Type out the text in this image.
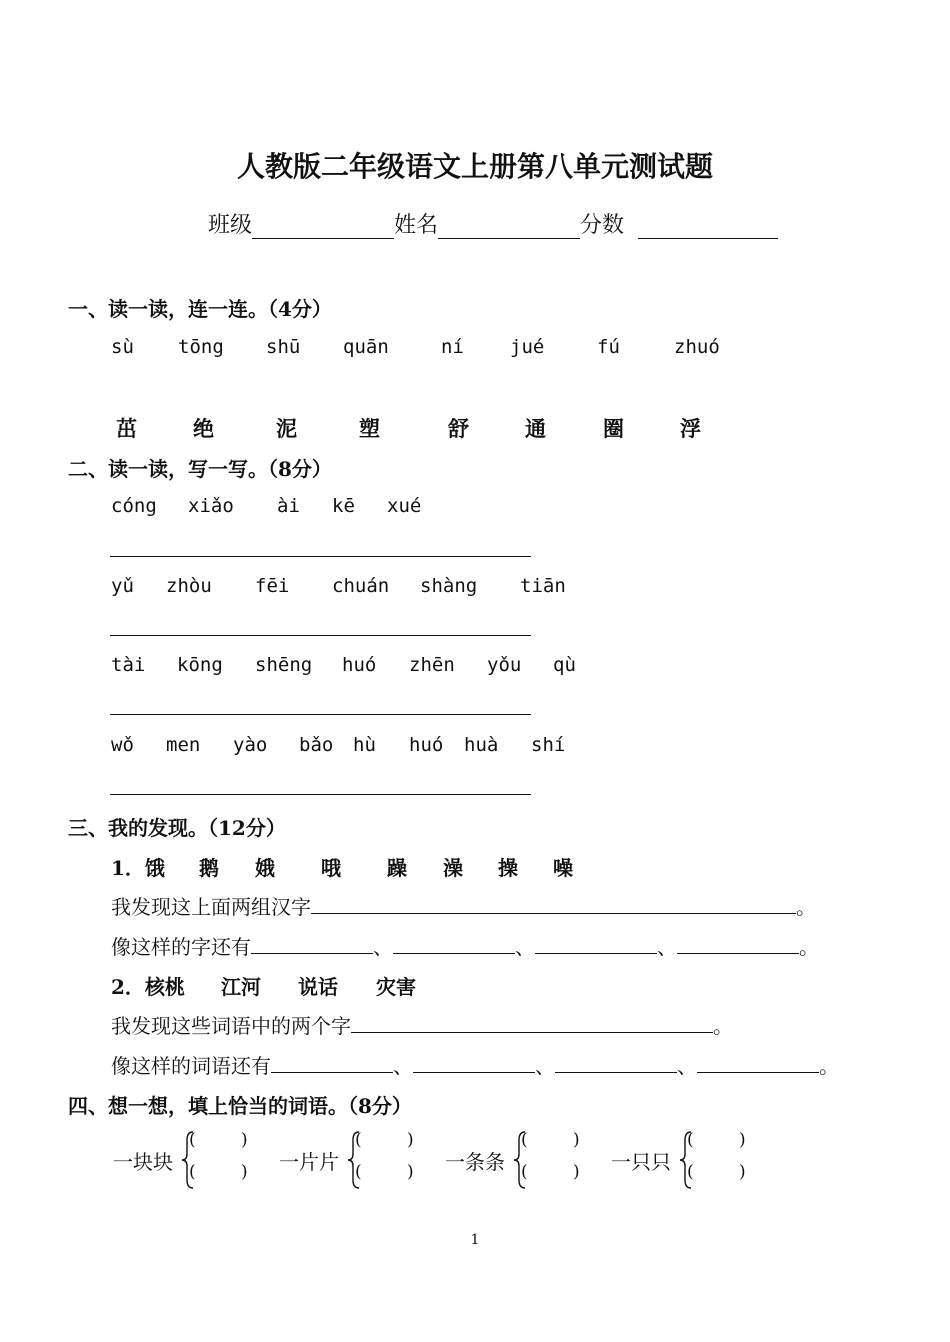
人教版二年级语文上册第八单元测试题
班级	姓名	分数
一、读一读，连一连。（4分）
sù tōng shū quān	ní jué	fú	zhuó
茁	绝	泥	塑	舒	通	圈	浮
二、读一读，写一写。（8分）
cóng xiǎo ài kē xué
yǔ zhòu fēi chuán shàng tiān
tài kōng shēng huó zhēn yǒu qù
wǒ men yào bǎo hù huó huà shí
三、我的发现。（12分）
1．饿 鹅 娥 哦 躁 澡 操 噪
我发现这上面两组汉字	。
像这样的字还有	、	、	、	。
2．核桃 江河 说话 灾害
我发现这些词语中的两个字	。
像这样的词语还有	、	、	、	。
四、想一想，填上恰当的词语。（8分）
一块块
(	)
(	) 一片片
(	)
(	) 一条条
(	)
(	) 一只只
(	)
(	)
1
